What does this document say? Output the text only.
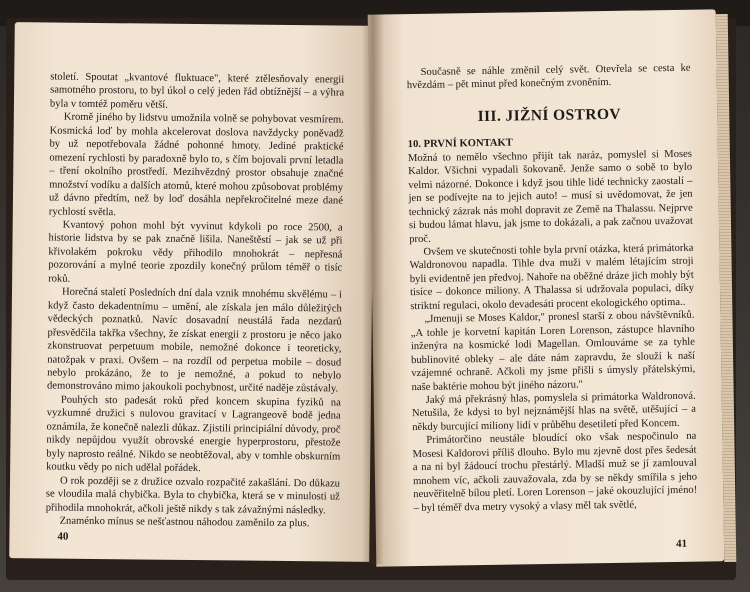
století. Spoutat „kvantové fluktuace", které ztělesňovaly energii samotného prostoru, to byl úkol o celý jeden řád obtížnější – a výhra byla v tomtéž poměru větší.

Kromě jiného by lidstvu umožnila volně se pohybovat vesmírem. Kosmická loď by mohla akcelerovat doslova navždycky poněvadž by už nepotřebovala žádné pohonné hmoty. Jediné praktické omezení rychlosti by paradoxně bylo to, s čím bojovali první letadla – tření okolního prostředí. Mezihvězdný prostor obsahuje značné množství vodíku a dalších atomů, které mohou způsobovat problémy už dávno předtím, než by loď dosáhla nepřekročitelné meze dané rychlostí světla.

Kvantový pohon mohl být vyvinut kdykoli po roce 2500, a historie lidstva by se pak značně lišila. Naneštěstí – jak se už při křivolakém pokroku vědy přihodilo mnohokrát – nepřesná pozorování a mylné teorie zpozdily konečný průlom téměř o tisíc roků.

Horečná staletí Posledních dní dala vznik mnohému skvělému – i když často dekadentnímu – umění, ale získala jen málo důležitých vědeckých poznatků. Navíc dosavadní neustálá řada nezdarů přesvědčila takřka všechny, že získat energii z prostoru je něco jako zkonstruovat perpetuum mobile, nemožné dokonce i teoreticky, natožpak v praxi. Ovšem – na rozdíl od perpetua mobile – dosud nebylo prokázáno, že to je nemožné, a pokud to nebylo demonstrováno mimo jakoukoli pochybnost, určité naděje zůstávaly.

Pouhých sto padesát roků před koncem skupina fyziků na vyzkumné družici s nulovou gravitací v Lagrangeově bodě jedna oznámila, že konečně nalezli důkaz. Zjistili principiální důvody, proč nikdy nepůjdou využít obrovské energie hyperprostoru, přestože byly naprosto reálné. Nikdo se neobtěžoval, aby v tomhle obskurním koutku vědy po nich udělal pořádek.

O rok později se z družice ozvalo rozpačité zakašlání. Do důkazu se vloudila malá chybička. Byla to chybička, která se v minulosti už přihodila mnohokrát, ačkoli ještě nikdy s tak závažnými následky.

Znaménko mínus se nešťastnou náhodou zaměnilo za plus.

40

Současně se náhle změnil celý svět. Otevřela se cesta ke hvězdám – pět minut před konečným zvoněním.

III. JIŽNÍ OSTROV

10. PRVNÍ KONTAKT

Možná to nemělo všechno přijít tak naráz, pomyslel si Moses Kaldor. Všichni vypadali šokovaně. Jenže samo o sobě to bylo velmi názorné. Dokonce i když jsou tihle lidé technicky zaostalí – jen se podívejte na to jejich auto! – musí si uvědomovat, že jen technický zázrak nás mohl dopravit ze Země na Thalassu. Nejprve si budou lámat hlavu, jak jsme to dokázali, a pak začnou uvažovat proč.

Ovšem ve skutečnosti tohle byla první otázka, která primátorka Waldronovou napadla. Tihle dva muži v malém létajícím stroji byli evidentně jen předvoj. Nahoře na oběžné dráze jich mohly být tisíce – dokonce miliony. A Thalassa si udržovala populaci, díky striktní regulaci, okolo devadesáti procent ekologického optima..

„Jmenuji se Moses Kaldor," pronesl starší z obou návštěvníků. „A tohle je korvetní kapitán Loren Lorenson, zástupce hlavního inženýra na kosmické lodi Magellan. Omlouváme se za tyhle bublinovité obleky – ale dáte nám zapravdu, že slouží k naší vzájemné ochraně. Ačkoli my jsme přišli s úmysly přátelskými, naše baktérie mohou být jiného názoru."

Jaký má překrásný hlas, pomyslela si primátorka Waldronová. Netušila, že kdysi to byl nejznámější hlas na světě, utěšující – a někdy burcující miliony lidí v průběhu desetiletí před Koncem.

Primátorčino neustále bloudící oko však nespočinulo na Mosesi Kaldorovi příliš dlouho. Bylo mu zjevně dost přes šedesát a na ni byl žádoucí trochu přestárlý. Mladší muž se jí zamlouval mnohem víc, ačkoli zauvažovala, zda by se někdy smířila s jeho neuvěřitelně bílou pletí. Loren Lorenson – jaké okouzlující jméno! – byl téměř dva metry vysoký a vlasy měl tak světlé,

41
